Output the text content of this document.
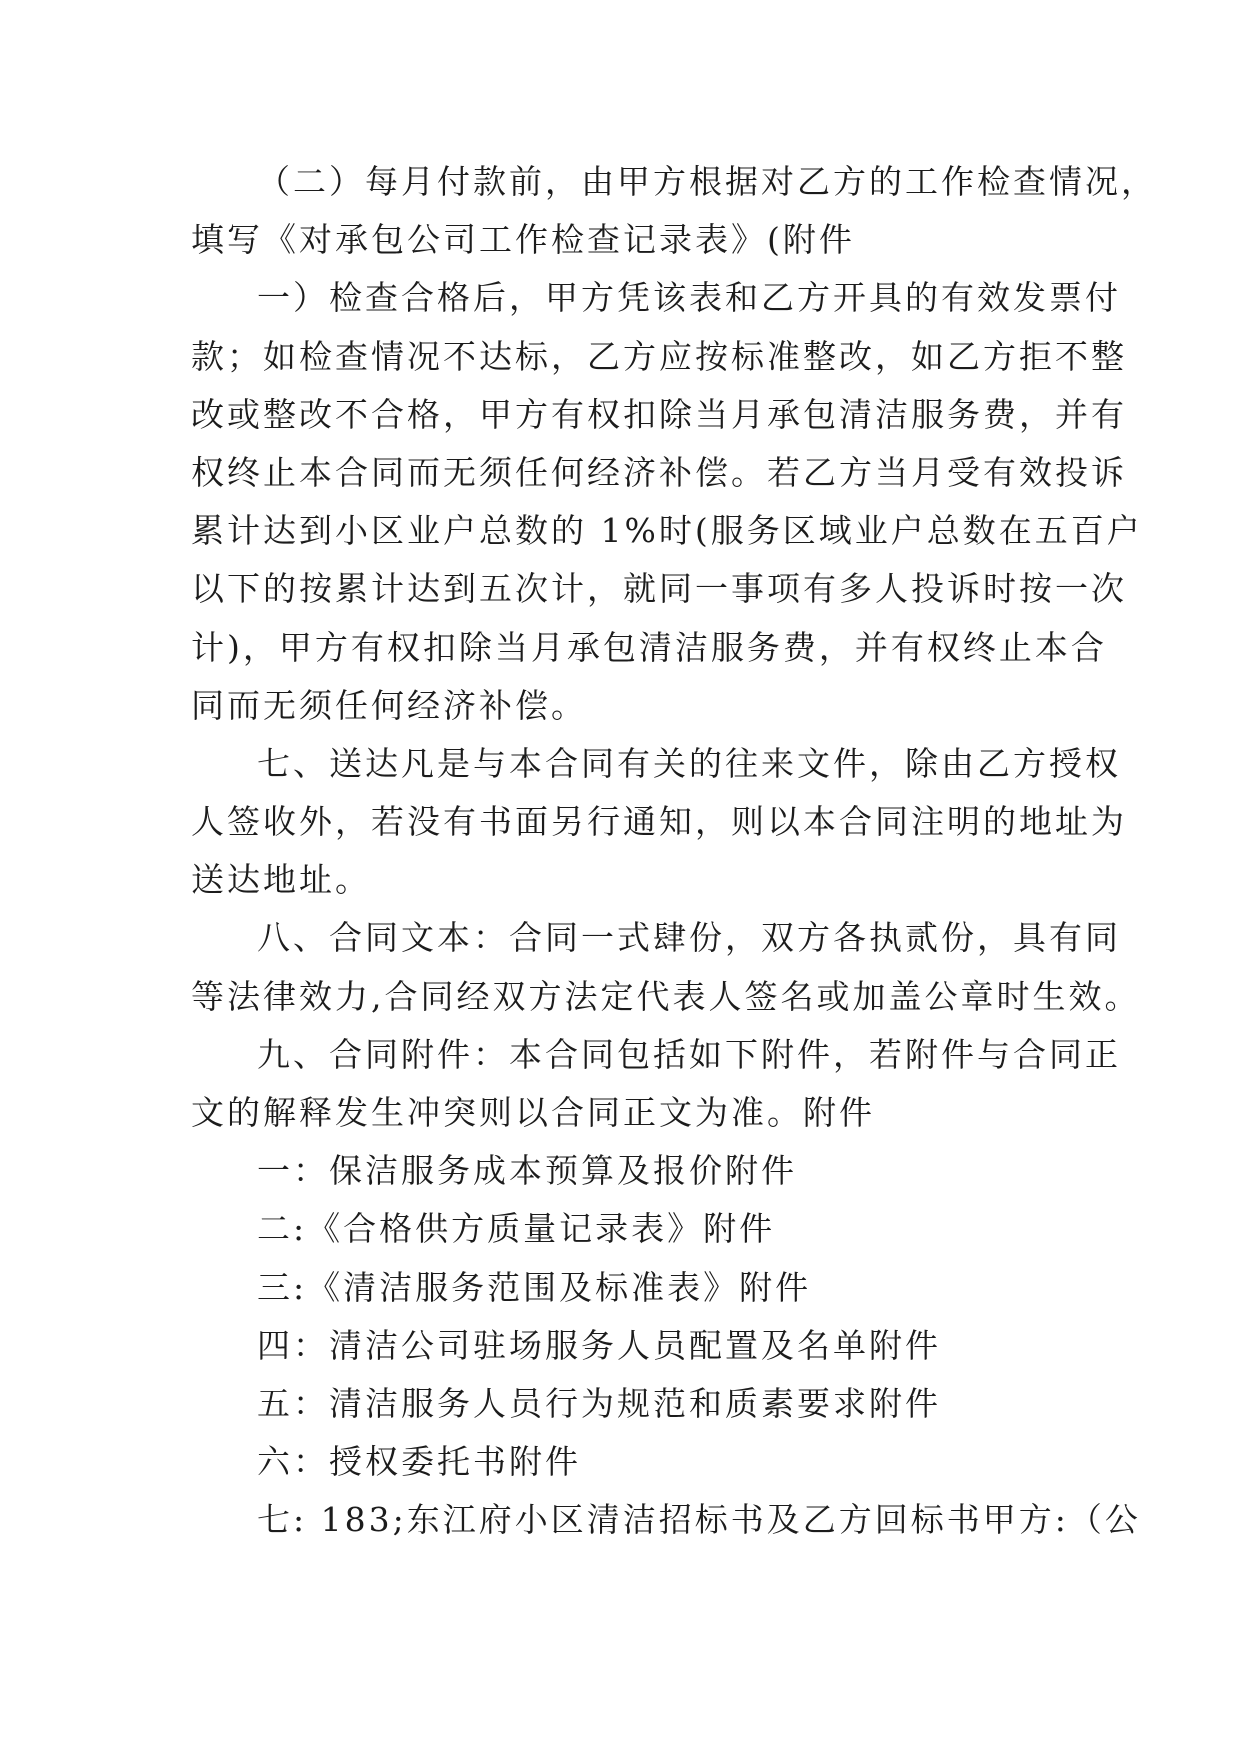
（二）每月付款前，由甲方根据对乙方的工作检查情况，
填写《对承包公司工作检查记录表》(附件
一）检查合格后，甲方凭该表和乙方开具的有效发票付
款；如检查情况不达标，乙方应按标准整改，如乙方拒不整
改或整改不合格，甲方有权扣除当月承包清洁服务费，并有
权终止本合同而无须任何经济补偿。若乙方当月受有效投诉
累计达到小区业户总数的 1%时(服务区域业户总数在五百户
以下的按累计达到五次计，就同一事项有多人投诉时按一次
计)，甲方有权扣除当月承包清洁服务费，并有权终止本合
同而无须任何经济补偿。
七、送达凡是与本合同有关的往来文件，除由乙方授权
人签收外，若没有书面另行通知，则以本合同注明的地址为
送达地址。
八、合同文本：合同一式肆份，双方各执贰份，具有同
等法律效力,合同经双方法定代表人签名或加盖公章时生效。
九、合同附件：本合同包括如下附件，若附件与合同正
文的解释发生冲突则以合同正文为准。附件
一：保洁服务成本预算及报价附件
二:《合格供方质量记录表》附件
三:《清洁服务范围及标准表》附件
四：清洁公司驻场服务人员配置及名单附件
五：清洁服务人员行为规范和质素要求附件
六：授权委托书附件
七: 183;东江府小区清洁招标书及乙方回标书甲方:（公
